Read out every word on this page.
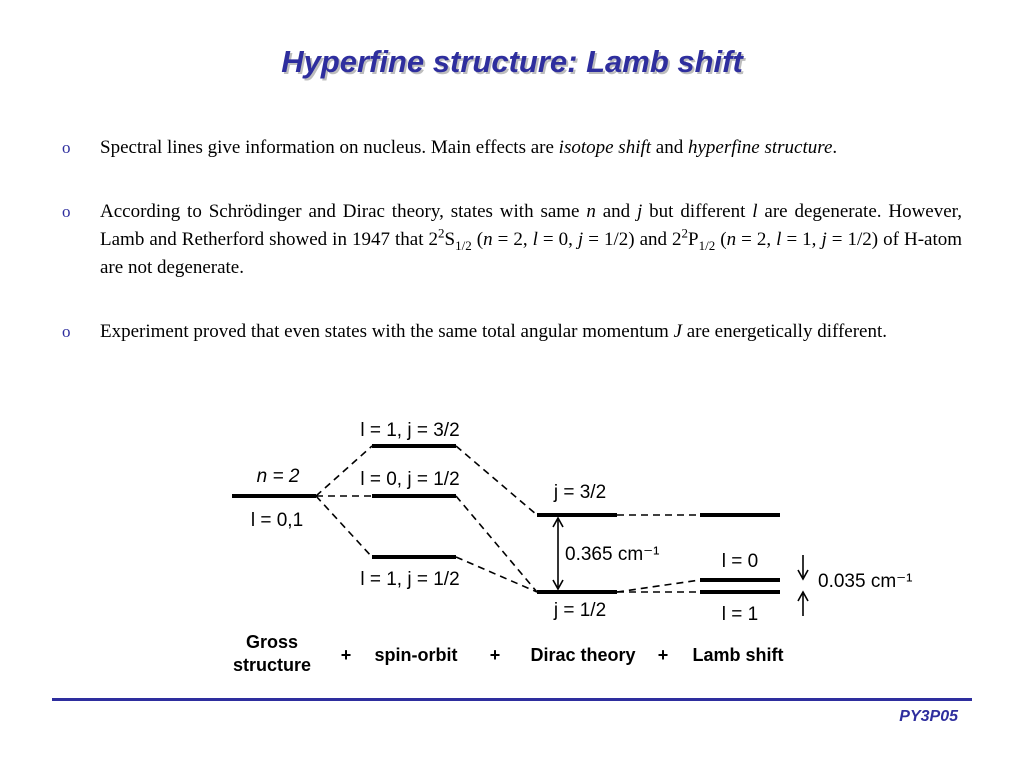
Hyperfine structure: Lamb shift
o Spectral lines give information on nucleus. Main effects are isotope shift and hyperfine structure.
o According to Schrödinger and Dirac theory, states with same n and j but different l are degenerate. However, Lamb and Retherford showed in 1947 that $2^2S_{1/2}$ (n = 2, l = 0, j = 1/2) and $2^2P_{1/2}$ (n = 2, l = 1, j = 1/2) of H-atom are not degenerate.
o Experiment proved that even states with the same total angular momentum J are energetically different.
n = 2
l = 0,1
l = 1, j = 3/2
l = 0, j = 1/2
l = 1, j = 1/2
j = 3/2
j = 1/2
0.365 cm⁻¹	l = 0
l = 1
0.035 cm⁻¹
Gross
structure + spin-orbit + Dirac theory + Lamb shift
PY3P05
